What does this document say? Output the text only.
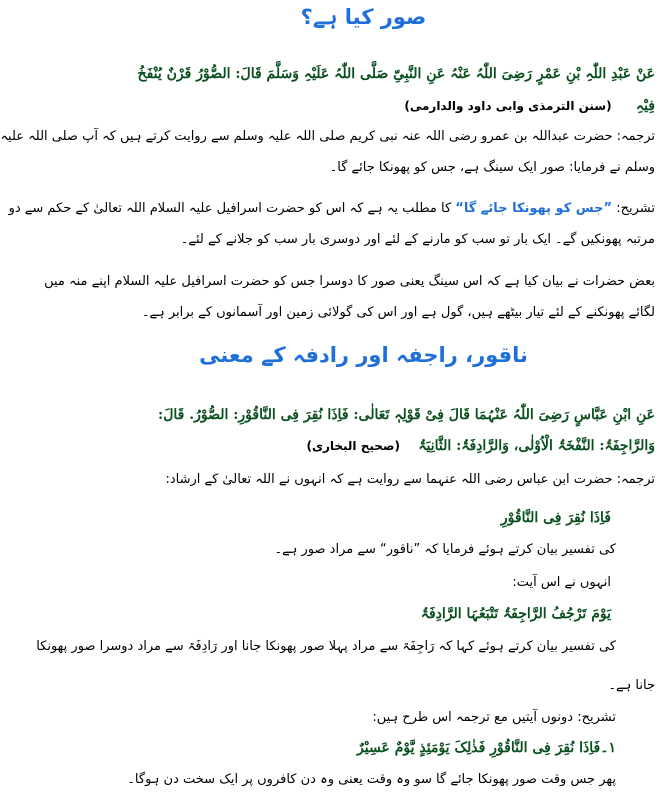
صور کیا ہے؟
عَنْ عَبْدِ اللّٰہِ بْنِ عَمْرٍ رَضِیَ اللّٰہُ عَنْہُ عَنِ النَّبِیِّ صَلَّی اللّٰہُ عَلَیْہِ وَسَلَّمَ قَالَ: الصُّوْرُ قَرْنٌ یُنْفَخُ
فِیْہِ  (سنن الترمذی وابی داود والدارمی)
ترجمہ: حضرت عبداللہ بن عمرو رضی اللہ عنہ نبی کریم صلی اللہ علیہ وسلم سے روایت کرتے ہیں کہ آپ صلی اللہ علیہ
وسلم نے فرمایا: صور ایک سینگ ہے، جس کو پھونکا جائے گا۔
تشریح: ”جس کو پھونکا جائے گا“ کا مطلب یہ ہے کہ اس کو حضرت اسرافیل علیہ السلام اللہ تعالیٰ کے حکم سے دو
مرتبہ پھونکیں گے۔ ایک بار تو سب کو مارنے کے لئے اور دوسری بار سب کو جلانے کے لئے۔
بعض حضرات نے بیان کیا ہے کہ اس سینگ یعنی صور کا دوسرا جس کو حضرت اسرافیل علیہ السلام اپنے منہ میں
لگائے پھونکنے کے لئے تیار بیٹھے ہیں، گول ہے اور اس کی گولائی زمین اور آسمانوں کے برابر ہے۔
ناقور، راجفہ اور رادفہ کے معنی
عَنِ ابْنِ عَبَّاسٍ رَضِیَ اللّٰہُ عَنْہُمَا قَالَ فِیْ قَوْلِہٖ تَعَالٰی: فَاِذَا نُقِرَ فِی النَّاقُوْرِ: الصُّوْرُ. قَالَ:
وَالرَّاجِفَۃُ: النَّفْخَۃُ الْاُوْلٰی، وَالرَّادِفَۃُ: الثَّانِیَۃُ  (صحیح البخاری)
ترجمہ: حضرت ابن عباس رضی اللہ عنہما سے روایت ہے کہ انہوں نے اللہ تعالیٰ کے ارشاد:
فَاِذَا نُقِرَ فِی النَّاقُوْرِ
کی تفسیر بیان کرتے ہوئے فرمایا کہ ”ناقور“ سے مراد صور ہے۔
انہوں نے اس آیت:
یَوْمَ تَرْجُفُ الرَّاجِفَۃُ تَتْبَعُہَا الرَّادِفَۃُ
کی تفسیر بیان کرتے ہوئے کہا کہ رَاجِفَۃ سے مراد پہلا صور پھونکا جانا اور رَادِفَۃ سے مراد دوسرا صور پھونکا
جانا ہے۔
تشریح: دونوں آیتیں مع ترجمہ اس طرح ہیں:
۱۔فَاِذَا نُقِرَ فِی النَّاقُوْرِ فَذٰلِکَ یَوْمَئِذٍ یَّوْمٌ عَسِیْرٌ
پھر جس وقت صور پھونکا جائے گا سو وہ وقت یعنی وہ دن کافروں پر ایک سخت دن ہوگا۔
